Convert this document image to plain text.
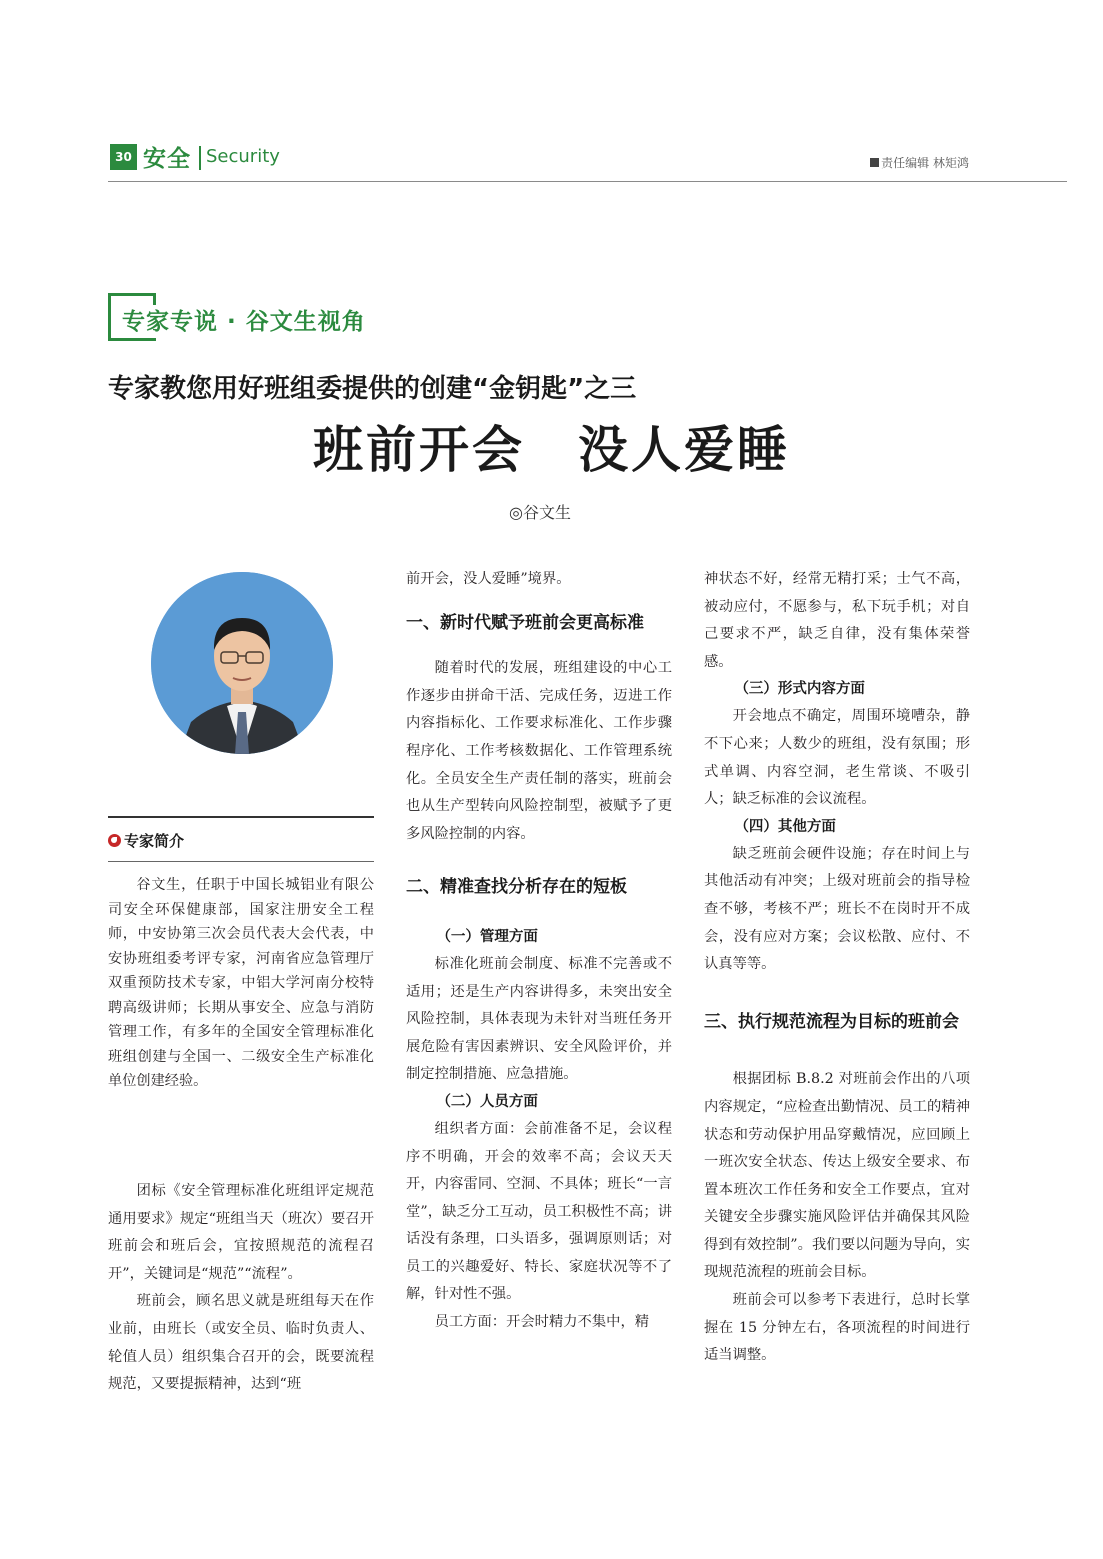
30 安全 Security	责任编辑 林矩鸿
专家专说 · 谷文生视角
专家教您用好班组委提供的创建“金钥匙”之三
班前开会　没人爱睡
◎谷文生
专家简介
谷文生，任职于中国长城铝业有限公司安全环保健康部，国家注册安全工程师，中安协第三次会员代表大会代表，中安协班组委考评专家，河南省应急管理厅双重预防技术专家，中铝大学河南分校特聘高级讲师；长期从事安全、应急与消防管理工作，有多年的全国安全管理标准化班组创建与全国一、二级安全生产标准化单位创建经验。

团标《安全管理标准化班组评定规范通用要求》规定“班组当天（班次）要召开班前会和班后会，宜按照规范的流程召开”，关键词是“规范”“流程”。

班前会，顾名思义就是班组每天在作业前，由班长（或安全员、临时负责人、轮值人员）组织集合召开的会，既要流程规范，又要提振精神，达到“班

前开会，没人爱睡”境界。

一、新时代赋予班前会更高标准

随着时代的发展，班组建设的中心工作逐步由拼命干活、完成任务，迈进工作内容指标化、工作要求标准化、工作步骤程序化、工作考核数据化、工作管理系统化。全员安全生产责任制的落实，班前会也从生产型转向风险控制型，被赋予了更多风险控制的内容。

二、精准查找分析存在的短板
（一）管理方面

标准化班前会制度、标准不完善或不适用；还是生产内容讲得多，未突出安全风险控制，具体表现为未针对当班任务开展危险有害因素辨识、安全风险评价，并制定控制措施、应急措施。

（二）人员方面

组织者方面：会前准备不足，会议程序不明确，开会的效率不高；会议天天开，内容雷同、空洞、不具体；班长“一言堂”，缺乏分工互动，员工积极性不高；讲话没有条理，口头语多，强调原则话；对员工的兴趣爱好、特长、家庭状况等不了解，针对性不强。

员工方面：开会时精力不集中，精

神状态不好，经常无精打采；士气不高，被动应付，不愿参与，私下玩手机；对自己要求不严，缺乏自律，没有集体荣誉感。

（三）形式内容方面

开会地点不确定，周围环境嘈杂，静不下心来；人数少的班组，没有氛围；形式单调、内容空洞，老生常谈、不吸引人；缺乏标准的会议流程。

（四）其他方面

缺乏班前会硬件设施；存在时间上与其他活动有冲突；上级对班前会的指导检查不够，考核不严；班长不在岗时开不成会，没有应对方案；会议松散、应付、不认真等等。

三、执行规范流程为目标的班前会

根据团标 B.8.2 对班前会作出的八项内容规定，“应检查出勤情况、员工的精神状态和劳动保护用品穿戴情况，应回顾上一班次安全状态、传达上级安全要求、布置本班次工作任务和安全工作要点，宜对关键安全步骤实施风险评估并确保其风险得到有效控制”。我们要以问题为导向，实现规范流程的班前会目标。

班前会可以参考下表进行，总时长掌握在 15 分钟左右，各项流程的时间进行适当调整。
